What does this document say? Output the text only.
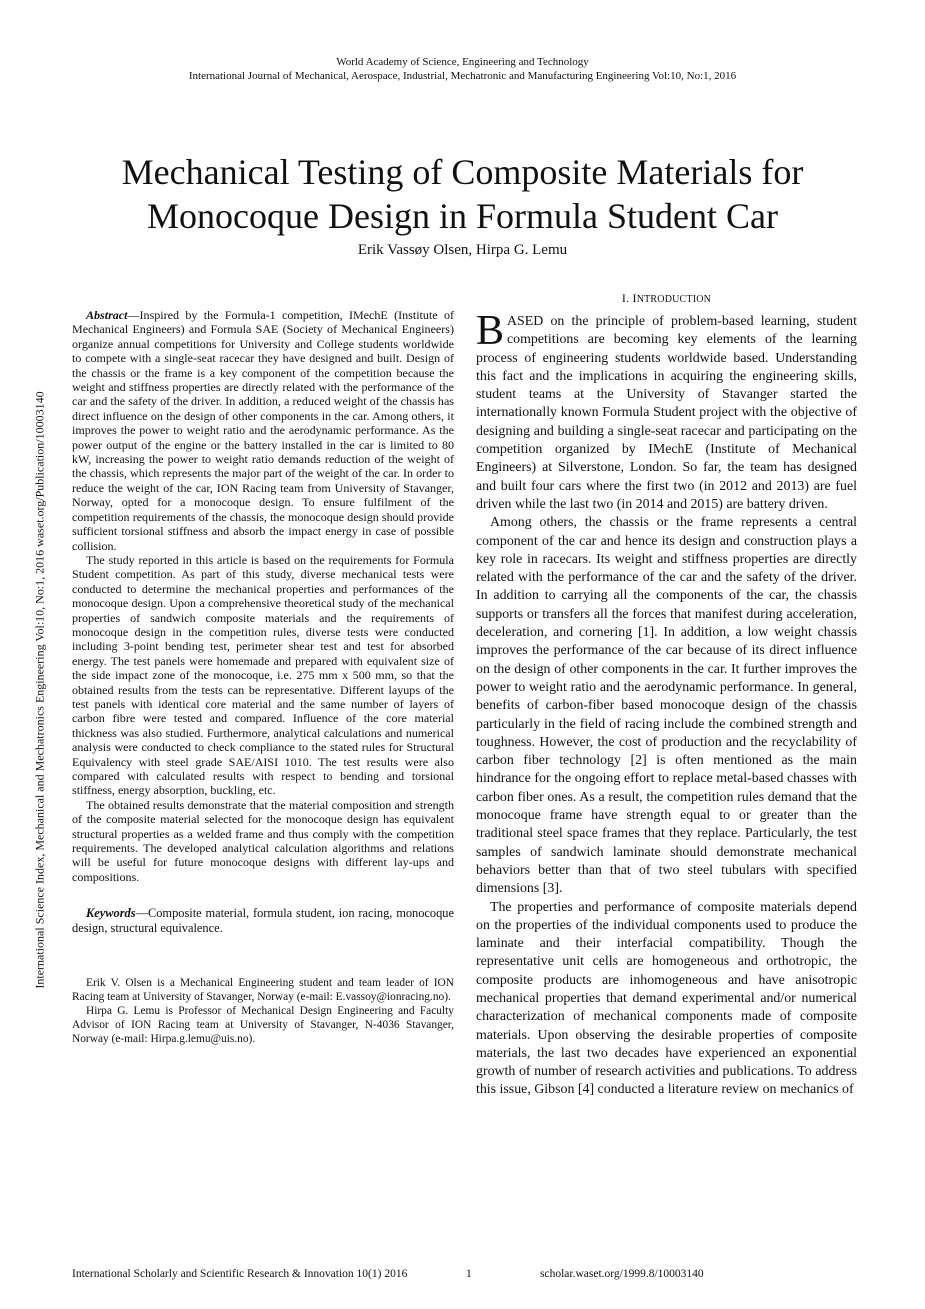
World Academy of Science, Engineering and Technology
International Journal of Mechanical, Aerospace, Industrial, Mechatronic and Manufacturing Engineering Vol:10, No:1, 2016
Mechanical Testing of Composite Materials for Monocoque Design in Formula Student Car
Erik Vassøy Olsen, Hirpa G. Lemu
International Science Index, Mechanical and Mechatronics Engineering Vol:10, No:1, 2016 waset.org/Publication/10003140

Abstract—Inspired by the Formula-1 competition, IMechE (Institute of Mechanical Engineers) and Formula SAE (Society of Mechanical Engineers) organize annual competitions for University and College students worldwide to compete with a single-seat racecar they have designed and built. Design of the chassis or the frame is a key component of the competition because the weight and stiffness properties are directly related with the performance of the car and the safety of the driver. In addition, a reduced weight of the chassis has direct influence on the design of other components in the car. Among others, it improves the power to weight ratio and the aerodynamic performance. As the power output of the engine or the battery installed in the car is limited to 80 kW, increasing the power to weight ratio demands reduction of the weight of the chassis, which represents the major part of the weight of the car. In order to reduce the weight of the car, ION Racing team from University of Stavanger, Norway, opted for a monocoque design. To ensure fulfilment of the competition requirements of the chassis, the monocoque design should provide sufficient torsional stiffness and absorb the impact energy in case of possible collision.

The study reported in this article is based on the requirements for Formula Student competition. As part of this study, diverse mechanical tests were conducted to determine the mechanical properties and performances of the monocoque design. Upon a comprehensive theoretical study of the mechanical properties of sandwich composite materials and the requirements of monocoque design in the competition rules, diverse tests were conducted including 3-point bending test, perimeter shear test and test for absorbed energy. The test panels were homemade and prepared with equivalent size of the side impact zone of the monocoque, i.e. 275 mm x 500 mm, so that the obtained results from the tests can be representative. Different layups of the test panels with identical core material and the same number of layers of carbon fibre were tested and compared. Influence of the core material thickness was also studied. Furthermore, analytical calculations and numerical analysis were conducted to check compliance to the stated rules for Structural Equivalency with steel grade SAE/AISI 1010. The test results were also compared with calculated results with respect to bending and torsional stiffness, energy absorption, buckling, etc.

The obtained results demonstrate that the material composition and strength of the composite material selected for the monocoque design has equivalent structural properties as a welded frame and thus comply with the competition requirements. The developed analytical calculation algorithms and relations will be useful for future monocoque designs with different lay-ups and compositions.

Keywords—Composite material, formula student, ion racing, monocoque design, structural equivalence.

Erik V. Olsen is a Mechanical Engineering student and team leader of ION Racing team at University of Stavanger, Norway (e-mail: E.vassoy@ionracing.no).

Hirpa G. Lemu is Professor of Mechanical Design Engineering and Faculty Advisor of ION Racing team at University of Stavanger, N-4036 Stavanger, Norway (e-mail: Hirpa.g.lemu@uis.no).

I. INTRODUCTION

BASED on the principle of problem-based learning, student competitions are becoming key elements of the learning process of engineering students worldwide based. Understanding this fact and the implications in acquiring the engineering skills, student teams at the University of Stavanger started the internationally known Formula Student project with the objective of designing and building a single-seat racecar and participating on the competition organized by IMechE (Institute of Mechanical Engineers) at Silverstone, London. So far, the team has designed and built four cars where the first two (in 2012 and 2013) are fuel driven while the last two (in 2014 and 2015) are battery driven.

Among others, the chassis or the frame represents a central component of the car and hence its design and construction plays a key role in racecars. Its weight and stiffness properties are directly related with the performance of the car and the safety of the driver. In addition to carrying all the components of the car, the chassis supports or transfers all the forces that manifest during acceleration, deceleration, and cornering [1]. In addition, a low weight chassis improves the performance of the car because of its direct influence on the design of other components in the car. It further improves the power to weight ratio and the aerodynamic performance. In general, benefits of carbon-fiber based monocoque design of the chassis particularly in the field of racing include the combined strength and toughness. However, the cost of production and the recyclability of carbon fiber technology [2] is often mentioned as the main hindrance for the ongoing effort to replace metal-based chasses with carbon fiber ones. As a result, the competition rules demand that the monocoque frame have strength equal to or greater than the traditional steel space frames that they replace. Particularly, the test samples of sandwich laminate should demonstrate mechanical behaviors better than that of two steel tubulars with specified dimensions [3].

The properties and performance of composite materials depend on the properties of the individual components used to produce the laminate and their interfacial compatibility. Though the representative unit cells are homogeneous and orthotropic, the composite products are inhomogeneous and have anisotropic mechanical properties that demand experimental and/or numerical characterization of mechanical components made of composite materials. Upon observing the desirable properties of composite materials, the last two decades have experienced an exponential growth of number of research activities and publications. To address this issue, Gibson [4] conducted a literature review on mechanics of

International Scholarly and Scientific Research & Innovation 10(1) 2016	1	scholar.waset.org/1999.8/10003140
